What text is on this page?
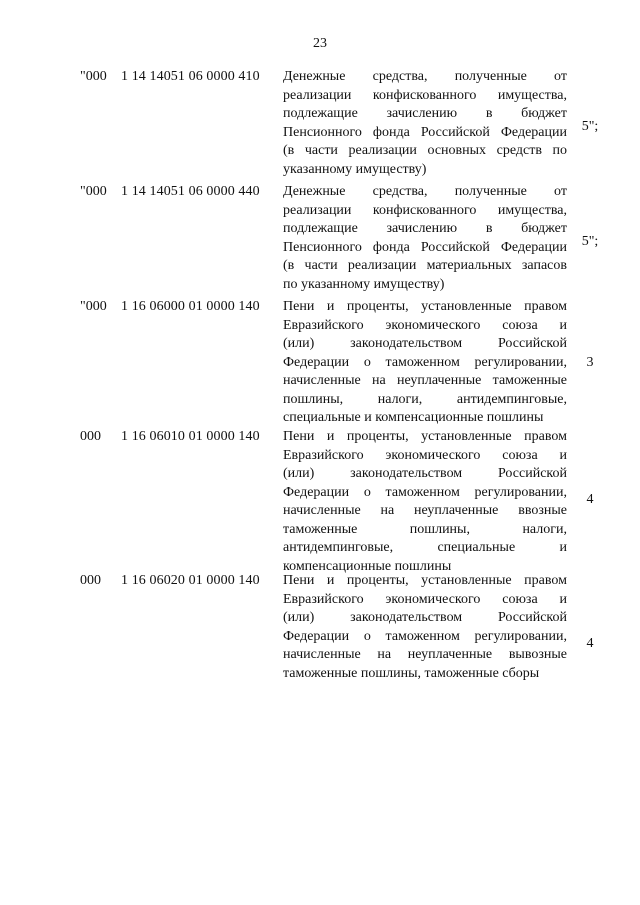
23
"000 1 14 14051 06 0000 410 Денежные средства, полученные от
реализации конфискованного имущества,
подлежащие зачислению в бюджет
Пенсионного фонда Российской Федерации
(в части реализации основных средств по
указанному имуществу)
5";
"000 1 14 14051 06 0000 440 Денежные средства, полученные от
реализации конфискованного имущества,
подлежащие зачислению в бюджет
Пенсионного фонда Российской Федерации
(в части реализации материальных запасов
по указанному имуществу)
5";
"000 1 16 06000 01 0000 140 Пени и проценты, установленные правом
Евразийского экономического союза и
(или) законодательством Российской
Федерации о таможенном регулировании,
начисленные на неуплаченные таможенные
пошлины, налоги, антидемпинговые,
специальные и компенсационные пошлины
3
000 1 16 06010 01 0000 140 Пени и проценты, установленные правом
Евразийского экономического союза и
(или) законодательством Российской
Федерации о таможенном регулировании,
начисленные на неуплаченные ввозные
таможенные пошлины, налоги,
антидемпинговые, специальные и
компенсационные пошлины
4
000 1 16 06020 01 0000 140 Пени и проценты, установленные правом
Евразийского экономического союза и
(или) законодательством Российской
Федерации о таможенном регулировании,
начисленные на неуплаченные вывозные
таможенные пошлины, таможенные сборы
4
